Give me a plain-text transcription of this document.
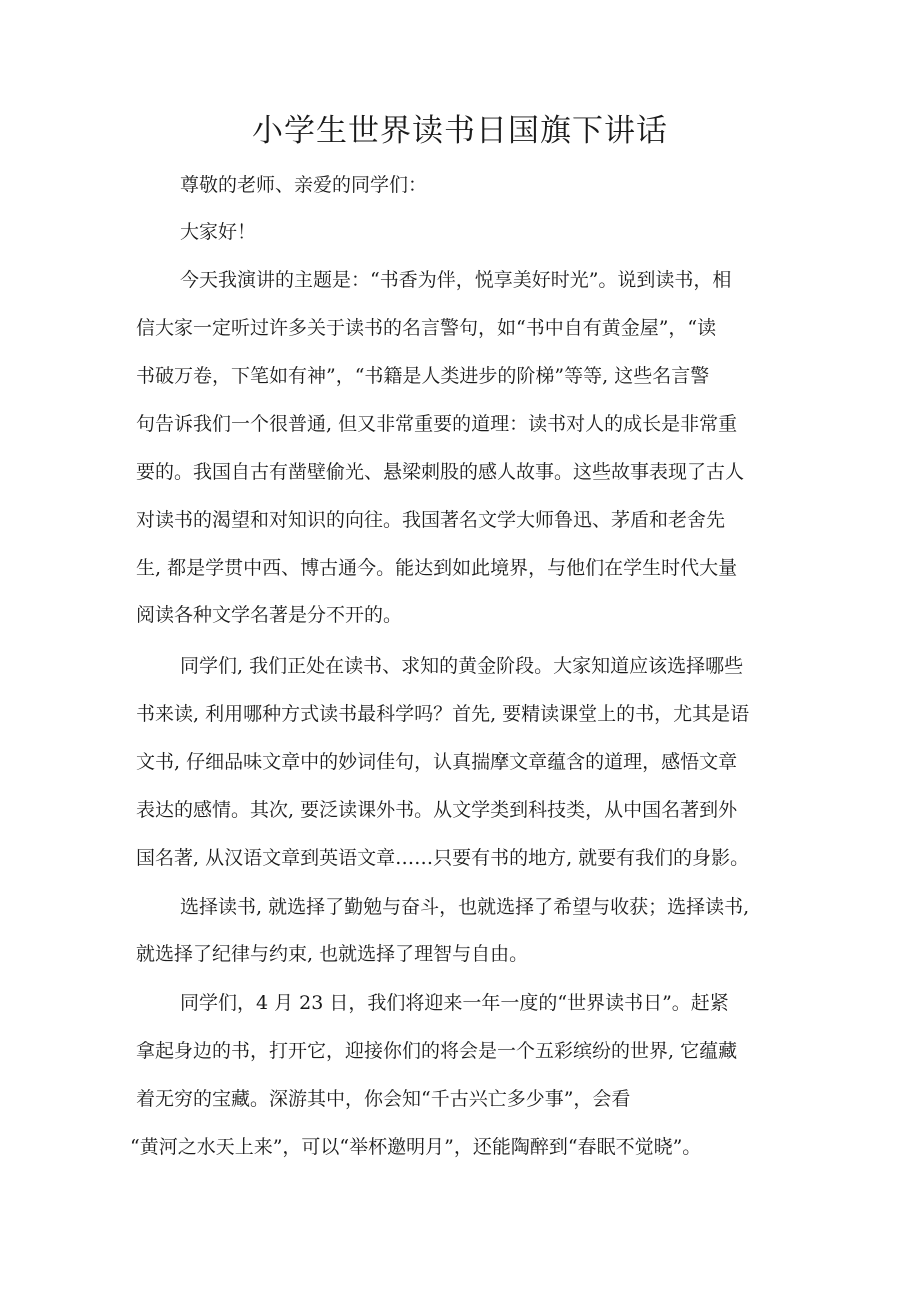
小学生世界读书日国旗下讲话

尊敬的老师、亲爱的同学们：

大家好！

今天我演讲的主题是：“书香为伴，悦享美好时光”。说到读书，相

信大家一定听过许多关于读书的名言警句，如“书中自有黄金屋”，“读

书破万卷，下笔如有神”，“书籍是人类进步的阶梯”等等, 这些名言警

句告诉我们一个很普通, 但又非常重要的道理：读书对人的成长是非常重

要的。我国自古有凿壁偷光、悬梁刺股的感人故事。这些故事表现了古人

对读书的渴望和对知识的向往。我国著名文学大师鲁迅、茅盾和老舍先

生, 都是学贯中西、博古通今。能达到如此境界，与他们在学生时代大量

阅读各种文学名著是分不开的。

同学们, 我们正处在读书、求知的黄金阶段。大家知道应该选择哪些

书来读, 利用哪种方式读书最科学吗？首先, 要精读课堂上的书，尤其是语

文书, 仔细品味文章中的妙词佳句，认真揣摩文章蕴含的道理，感悟文章

表达的感情。其次, 要泛读课外书。从文学类到科技类，从中国名著到外

国名著, 从汉语文章到英语文章……只要有书的地方, 就要有我们的身影。

选择读书, 就选择了勤勉与奋斗，也就选择了希望与收获；选择读书,

就选择了纪律与约束, 也就选择了理智与自由。

同学们，4 月 23 日，我们将迎来一年一度的“世界读书日”。赶紧

拿起身边的书，打开它，迎接你们的将会是一个五彩缤纷的世界, 它蕴藏

着无穷的宝藏。深游其中，你会知“千古兴亡多少事”，会看

“黄河之水天上来”，可以“举杯邀明月”，还能陶醉到“春眠不觉晓”。
